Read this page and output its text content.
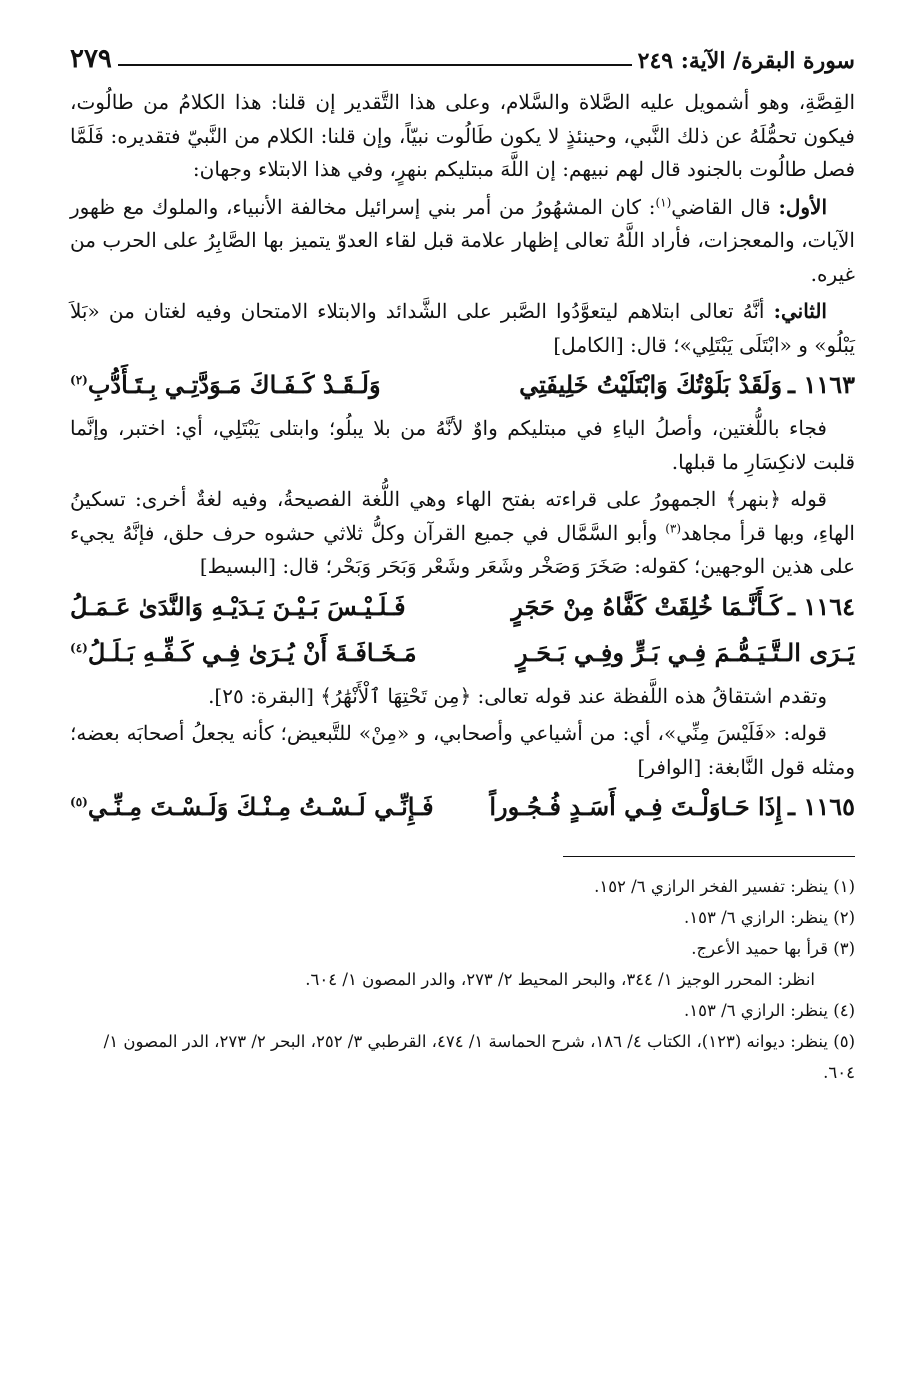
سورة البقرة/ الآية: ٢٤٩
٢٧٩

القِصَّةِ، وهو أشمويل عليه الصَّلاة والسَّلام، وعلى هذا التَّقدير إن قلنا: هذا الكلامُ من طالُوت، فيكون تحمُّلَهُ عن ذلك النَّبي، وحينئذٍ لا يكون طَالُوت نبيّاً، وإن قلنا: الكلام من النَّبيّ فتقديره: فَلَمَّا فصل طالُوت بالجنود قال لهم نبيهم: إن اللَّهَ مبتليكم بنهرٍ، وفي هذا الابتلاء وجهان:

الأول: قال القاضي$^{(١)}$: كان المشهُورُ من أمر بني إسرائيل مخالفة الأنبياء، والملوك مع ظهور الآيات، والمعجزات، فأراد اللَّهُ تعالى إظهار علامة قبل لقاء العدوّ يتميز بها الصَّابِرُ على الحرب من غيره.

الثاني: أنَّهُ تعالى ابتلاهم ليتعوَّدُوا الصَّبر على الشَّدائد والابتلاء الامتحان وفيه لغتان من «بَلاَ يَبْلُو» و «ابْتَلَى يَبْتَلِي»؛ قال: [الكامل]

١١٦٣ ـ
وَلَقَدْ بَلَوْتُكَ وَابْتَلَيْتُ خَلِيفَتِي
وَلَـقَـدْ كَـفَـاكَ مَـوَدَّتِـي بِـتَـأَدُّبِ$^{(٢)}$

فجاء باللُّغتين، وأصلُ الياءِ في مبتليكم واوٌ لأنَّهُ من بلا يبلُو؛ وابتلى يَبْتَلِي، أي: اختبر، وإنَّما قلبت لانكِسَارِ ما قبلها.

قوله ﴿بنهر﴾ الجمهورُ على قراءته بفتح الهاء وهي اللُّغة الفصيحةُ، وفيه لغةٌ أخرى: تسكينُ الهاءِ، وبها قرأ مجاهد$^{(٣)}$ وأبو السَّمَّال في جميع القرآن وكلُّ ثلاثي حشوه حرف حلق، فإنَّهُ يجيء على هذين الوجهين؛ كقوله: صَخَرَ وَصَخْر وشَعَر وشَعْر وَبَحَر وَبَحْر؛ قال: [البسيط]

١١٦٤ ـ
كَـأَنَّـمَا خُلِقَتْ كَفَّاهُ مِنْ حَجَرٍ
فَـلَـيْـسَ بَـيْـنَ يَـدَيْـهِ وَالنَّدَىٰ عَـمَـلُ
يَـرَى الـتَّـيَـمُّـمَ فِـي بَـرٍّ وفِـي بَـحَـرٍ
مَـخَـافَـةَ أَنْ يُـرَىٰ فِـي كَـفِّـهِ بَـلَـلُ$^{(٤)}$

وتقدم اشتقاقُ هذه اللَّفظة عند قوله تعالى: ﴿مِن تَحْتِهَا ٱلْأَنْهَٰرُ﴾ [البقرة: ٢٥].

قوله: «فَلَيْسَ مِنِّي»، أي: من أشياعي وأصحابي، و «مِنْ» للتَّبعيض؛ كأنه يجعلُ أصحابَه بعضه؛ ومثله قول النَّابغة: [الوافر]

١١٦٥ ـ
إِذَا حَـاوَلْـتَ فِـي أَسَـدٍ فُـجُـوراً
فَـإِنِّـي لَـسْـتُ مِـنْـكَ وَلَـسْـتَ مِـنِّـي$^{(٥)}$

(١) ينظر: تفسير الفخر الرازي ٦/ ١٥٢.

(٢) ينظر: الرازي ٦/ ١٥٣.

(٣) قرأ بها حميد الأعرج.

انظر: المحرر الوجيز ١/ ٣٤٤، والبحر المحيط ٢/ ٢٧٣، والدر المصون ١/ ٦٠٤.

(٤) ينظر: الرازي ٦/ ١٥٣.

(٥) ينظر: ديوانه (١٢٣)، الكتاب ٤/ ١٨٦، شرح الحماسة ١/ ٤٧٤، القرطبي ٣/ ٢٥٢، البحر ٢/ ٢٧٣، الدر المصون ١/ ٦٠٤.
